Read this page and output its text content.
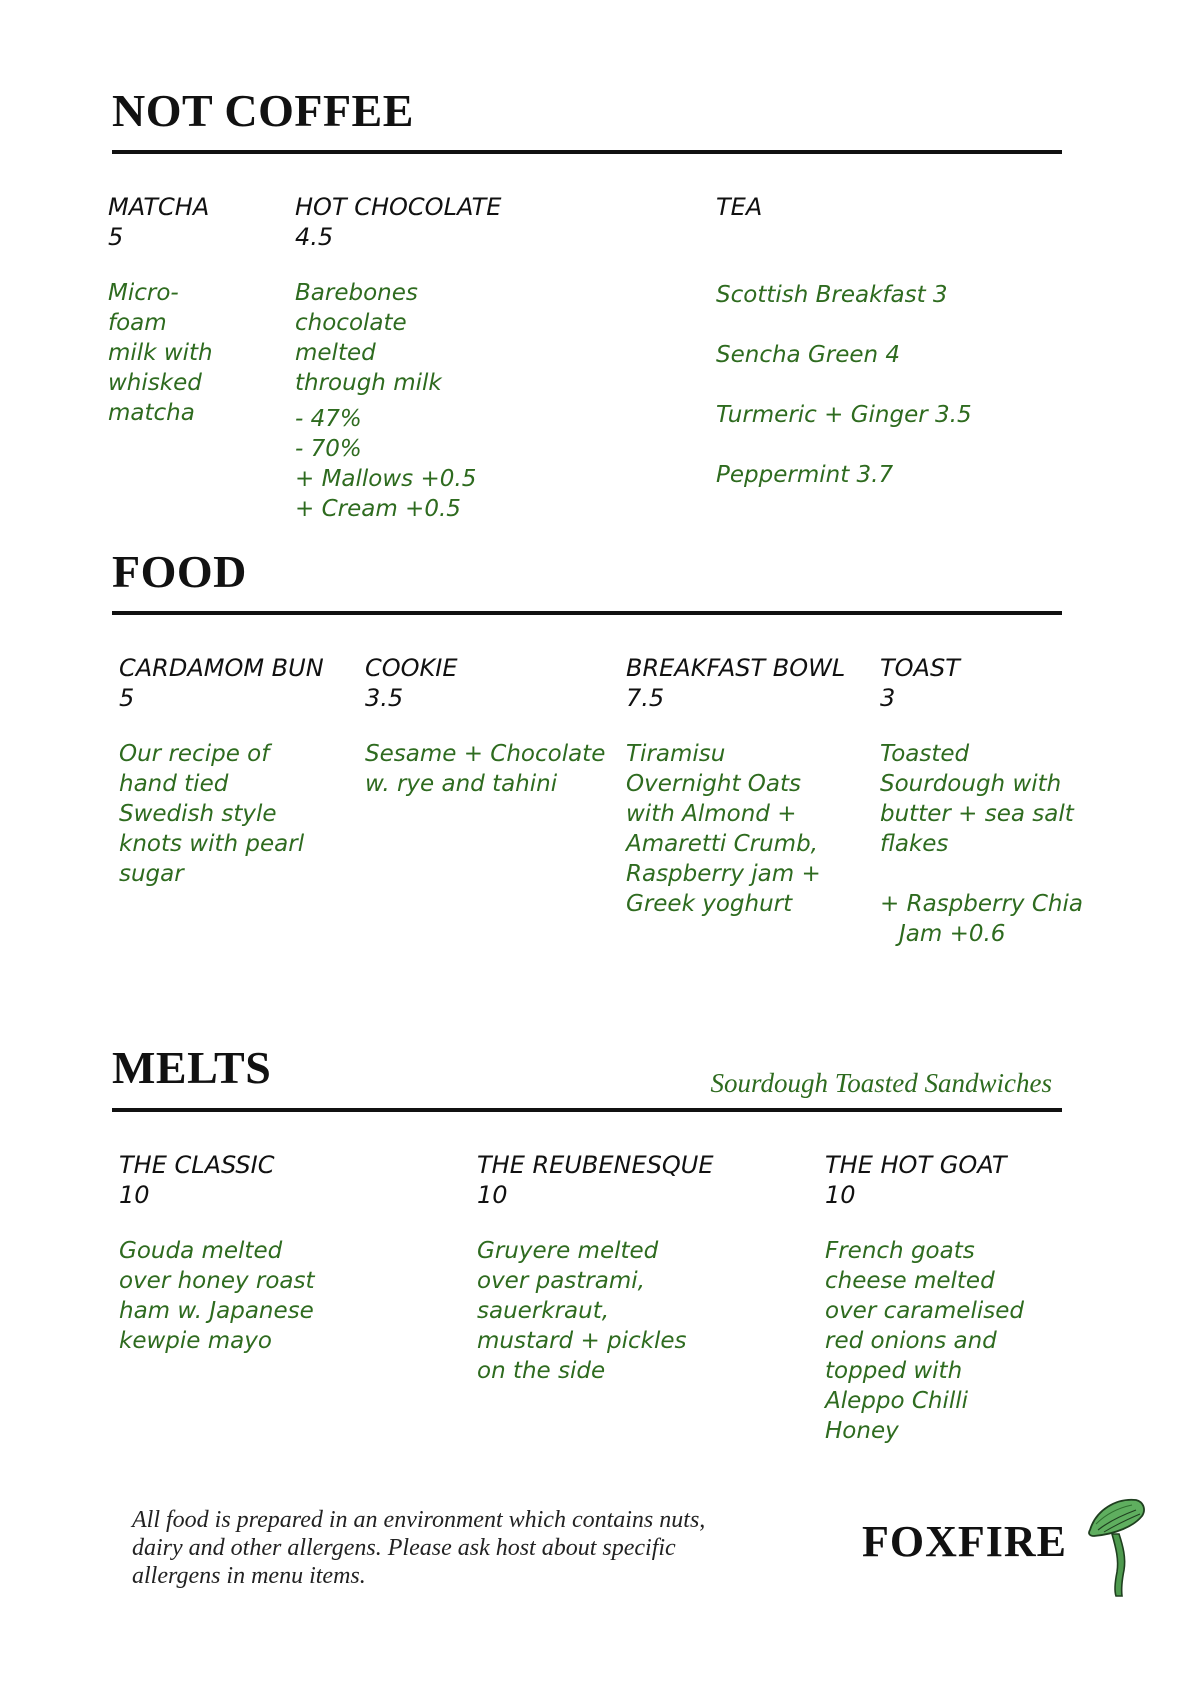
NOT COFFEE
MATCHA
5
Micro-
foam
milk with
whisked
matcha
HOT CHOCOLATE
4.5
Barebones
chocolate
melted
through milk
- 47%
- 70%
+ Mallows +0.5
+ Cream +0.5
TEA
Scottish Breakfast 3
Sencha Green 4
Turmeric + Ginger 3.5
Peppermint 3.7
FOOD
CARDAMOM BUN
5
Our recipe of
hand tied
Swedish style
knots with pearl
sugar
COOKIE
3.5
Sesame + Chocolate
w. rye and tahini
BREAKFAST BOWL
7.5
Tiramisu
Overnight Oats
with Almond +
Amaretti Crumb,
Raspberry jam +
Greek yoghurt
TOAST
3
Toasted
Sourdough with
butter + sea salt
flakes
+ Raspberry Chia
Jam +0.6
MELTS	Sourdough Toasted Sandwiches
THE CLASSIC
10
Gouda melted
over honey roast
ham w. Japanese
kewpie mayo
THE REUBENESQUE
10
Gruyere melted
over pastrami,
sauerkraut,
mustard + pickles
on the side
THE HOT GOAT
10
French goats
cheese melted
over caramelised
red onions and
topped with
Aleppo Chilli
Honey
All food is prepared in an environment which contains nuts,
dairy and other allergens. Please ask host about specific
allergens in menu items.
FOXFIRE
